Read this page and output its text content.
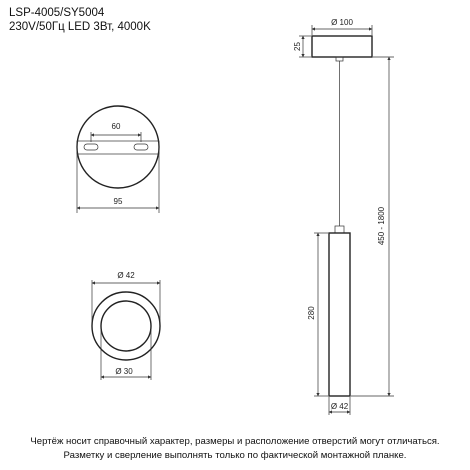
LSP-4005/SY5004
230V/50Гц LED 3Вт, 4000K
60
95
Ø 42
Ø 30
Ø 100
25
450 - 1800
280
Ø 42
Чертёж носит справочный характер, размеры и расположение отверстий могут отличаться.
Разметку и сверление выполнять только по фактической монтажной планке.
